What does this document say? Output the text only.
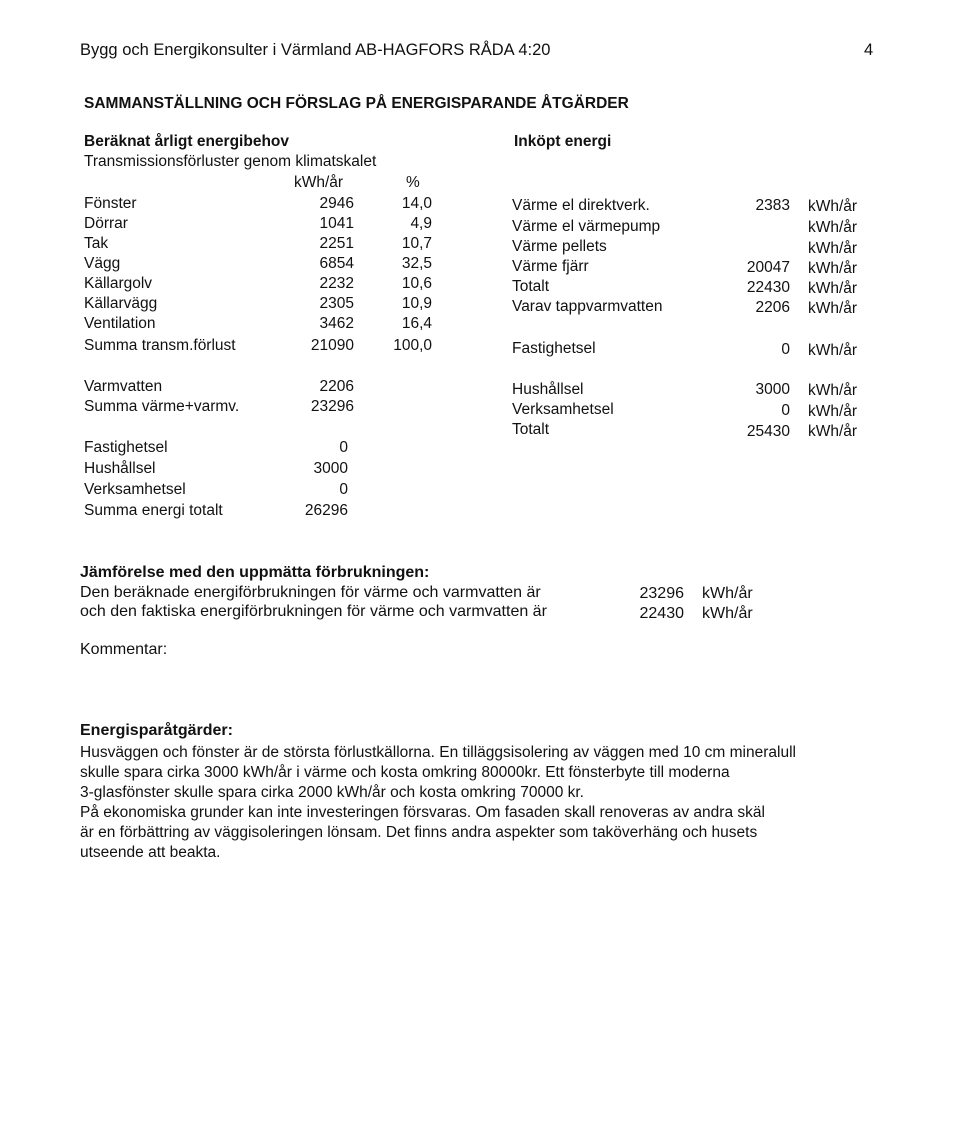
Bygg och Energikonsulter i Värmland AB-HAGFORS RÅDA 4:20	4
SAMMANSTÄLLNING OCH FÖRSLAG PÅ ENERGISPARANDE ÅTGÄRDER
Beräknat årligt energibehov
Transmissionsförluster genom klimatskalet
kWh/år	%
Fönster	2946	14,0
Dörrar	1041	4,9
Tak	2251	10,7
Vägg	6854	32,5
Källargolv	2232	10,6
Källarvägg	2305	10,9
Ventilation	3462	16,4
Summa transm.förlust	21090	100,0
Varmvatten	2206
Summa värme+varmv.	23296
Fastighetsel	0
Hushållsel	3000
Verksamhetsel	0
Summa energi totalt	26296
Inköpt energi
Värme el direktverk.	2383 kWh/år
Värme el värmepump	kWh/år
Värme pellets	kWh/år
Värme fjärr	20047 kWh/år
Totalt	22430 kWh/år
Varav tappvarmvatten	2206 kWh/år
Fastighetsel	0 kWh/år
Hushållsel	3000 kWh/år
Verksamhetsel	0 kWh/år
Totalt	25430 kWh/år
Jämförelse med den uppmätta förbrukningen:
Den beräknade energiförbrukningen för värme och varmvatten är	23296 kWh/år
och den faktiska energiförbrukningen för värme och varmvatten är	22430 kWh/år
Kommentar:
Energisparåtgärder:
Husväggen och fönster är de största förlustkällorna. En tilläggsisolering av väggen med 10 cm mineralull
skulle spara cirka 3000 kWh/år i värme och kosta omkring 80000kr. Ett fönsterbyte till moderna
3-glasfönster skulle spara cirka 2000 kWh/år och kosta omkring 70000 kr.
På ekonomiska grunder kan inte investeringen försvaras. Om fasaden skall renoveras av andra skäl
är en förbättring av väggisoleringen lönsam. Det finns andra aspekter som taköverhäng och husets
utseende att beakta.
